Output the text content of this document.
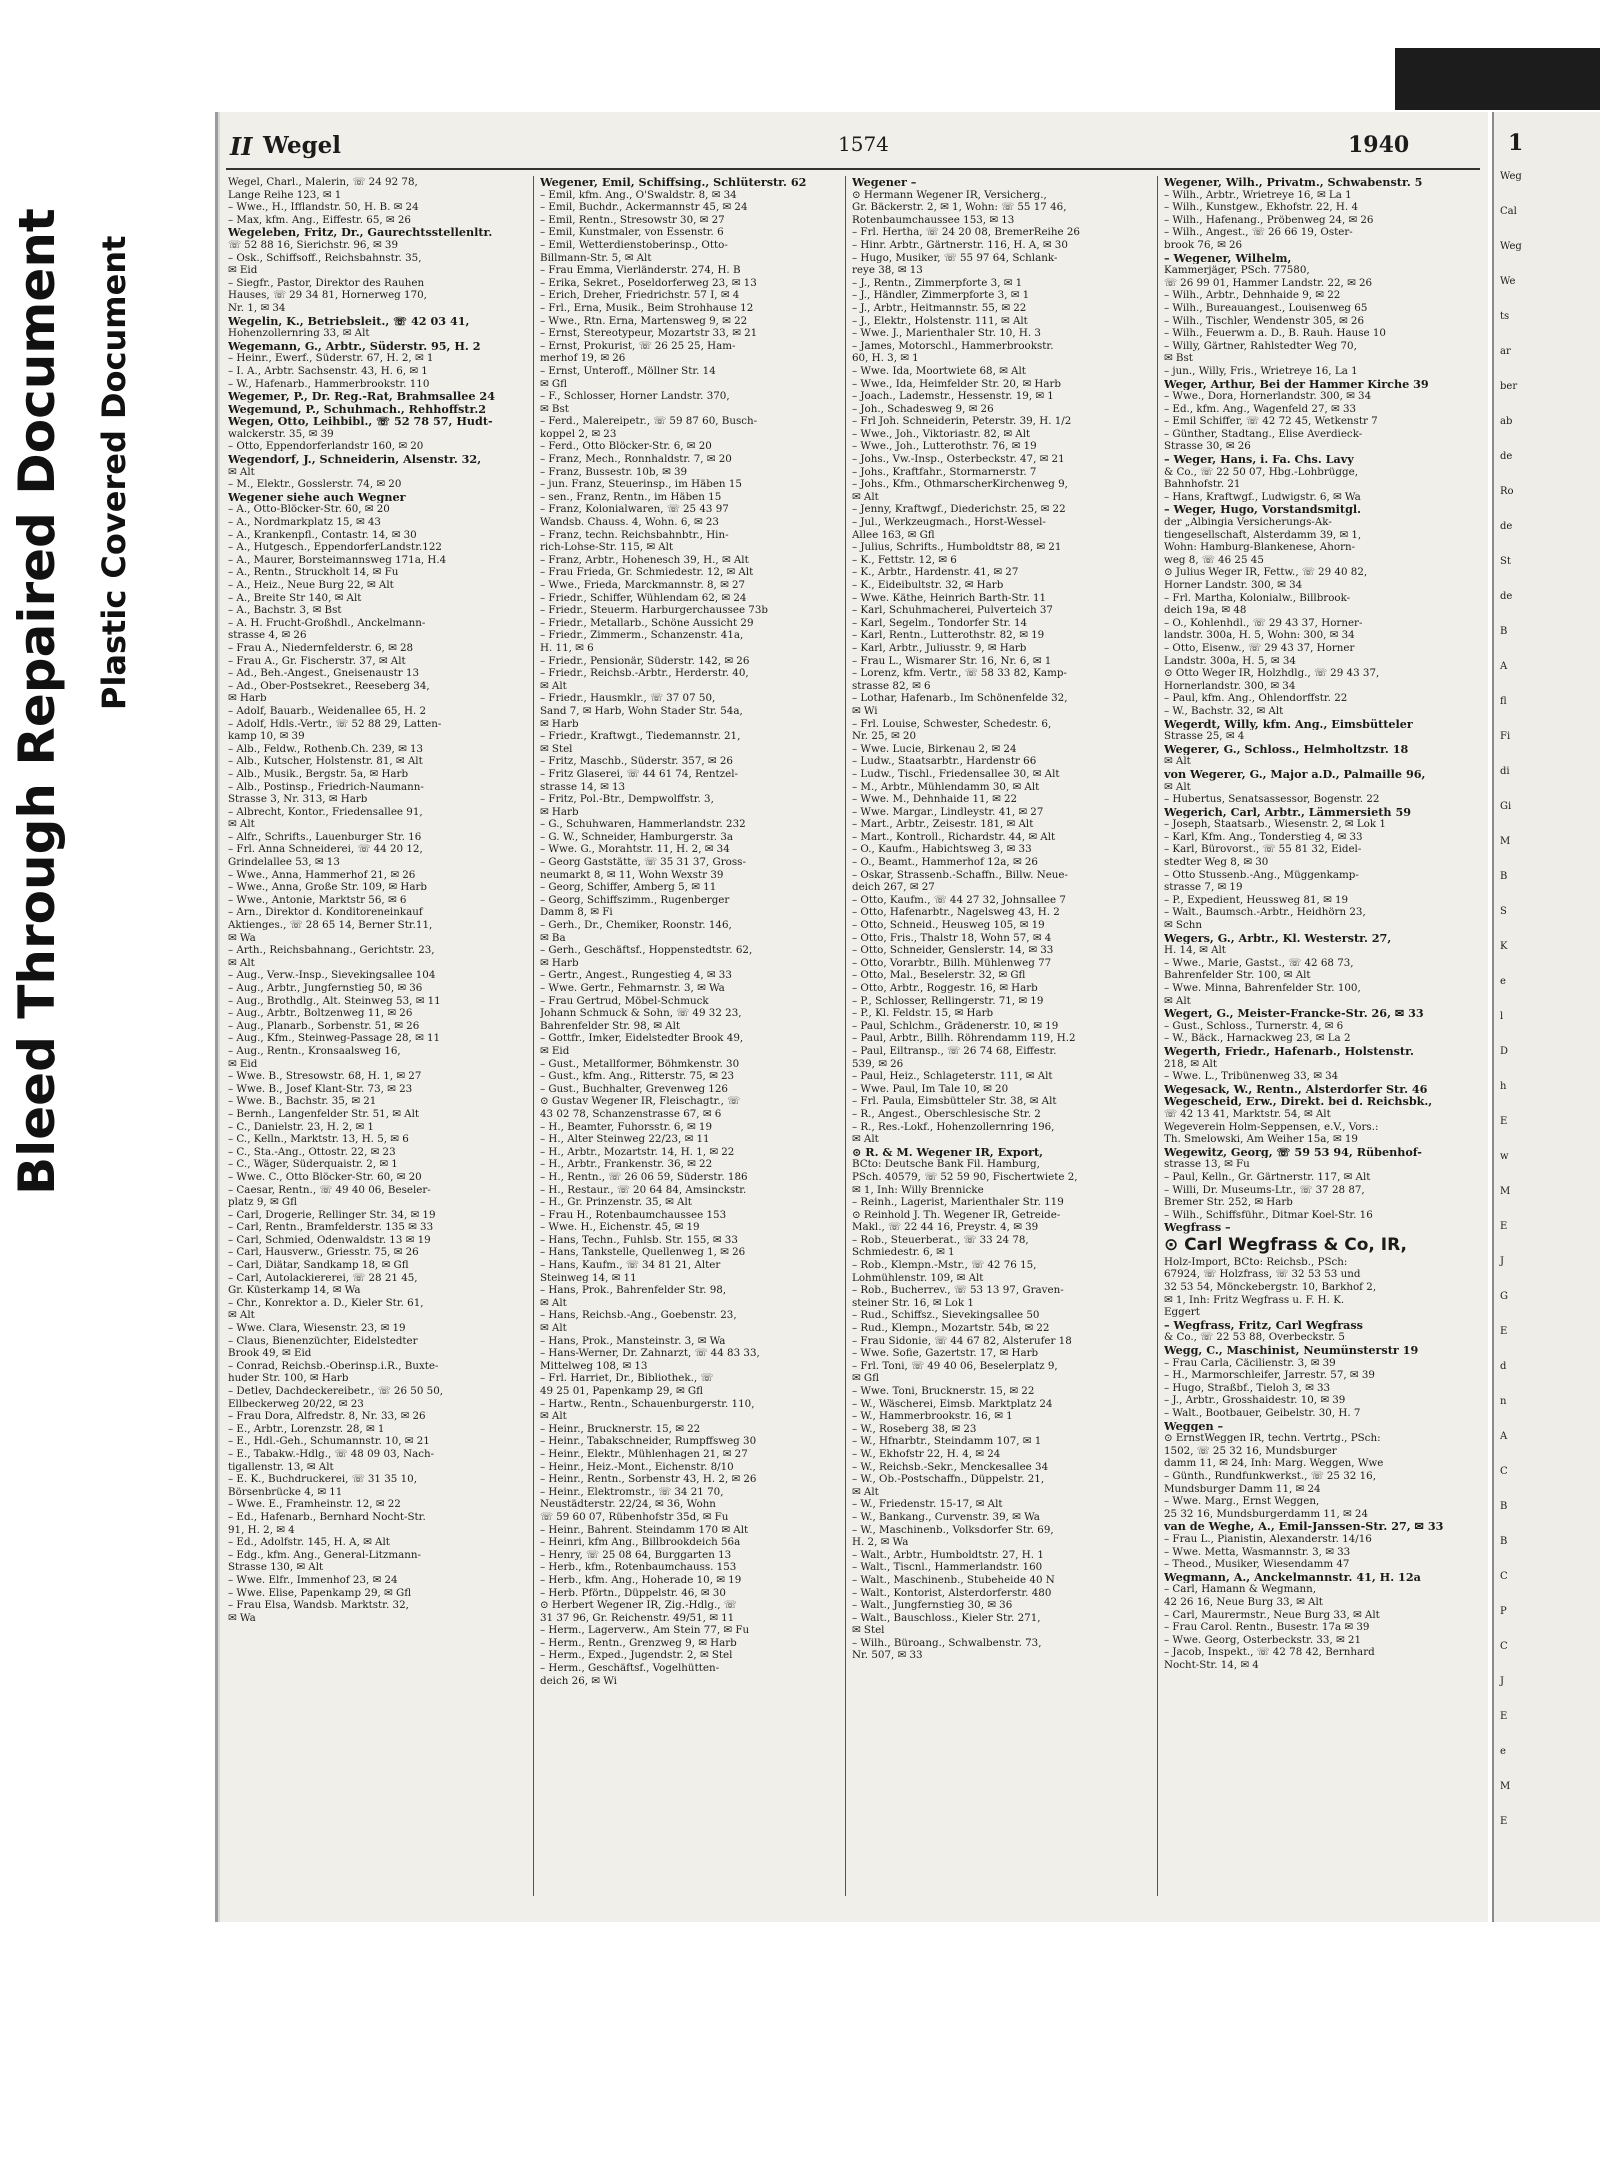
Bleed Through Repaired Document Plastic Covered Document
II Wegel	1574	1940
Wegel, Charl., Malerin, ☏ 24 92 78,
Lange Reihe 123, ✉ 1
– Wwe., H., Ifflandstr. 50, H. B. ✉ 24
– Max, kfm. Ang., Eiffestr. 65, ✉ 26
Wegeleben, Fritz, Dr., Gaurechtsstellenltr.
☏ 52 88 16, Sierichstr. 96, ✉ 39
– Osk., Schiffsoff., Reichsbahnstr. 35,
✉ Eid
– Siegfr., Pastor, Direktor des Rauhen
Hauses, ☏ 29 34 81, Hornerweg 170,
Nr. 1, ✉ 34
Wegelin, K., Betriebsleit., ☏ 42 03 41,
Hohenzollernring 33, ✉ Alt
Wegemann, G., Arbtr., Süderstr. 95, H. 2
– Heinr., Ewerf., Süderstr. 67, H. 2, ✉ 1
– I. A., Arbtr. Sachsenstr. 43, H. 6, ✉ 1
– W., Hafenarb., Hammerbrookstr. 110
Wegemer, P., Dr. Reg.-Rat, Brahmsallee 24
Wegemund, P., Schuhmach., Rehhoffstr.2
Wegen, Otto, Leihbibl., ☏ 52 78 57, Hudt-
walckerstr. 35, ✉ 39
– Otto, Eppendorferlandstr 160, ✉ 20
Wegendorf, J., Schneiderin, Alsenstr. 32,
✉ Alt
– M., Elektr., Gosslerstr. 74, ✉ 20
Wegener siehe auch Wegner
– A., Otto-Blöcker-Str. 60, ✉ 20
– A., Nordmarkplatz 15, ✉ 43
– A., Krankenpfl., Contastr. 14, ✉ 30
– A., Hutgesch., EppendorferLandstr.122
– A., Maurer, Borsteimannsweg 171a, H.4
– A., Rentn., Struckholt 14, ✉ Fu
– A., Heiz., Neue Burg 22, ✉ Alt
– A., Breite Str 140, ✉ Alt
– A., Bachstr. 3, ✉ Bst
– A. H. Frucht-Großhdl., Anckelmann-
strasse 4, ✉ 26
– Frau A., Niedernfelderstr. 6, ✉ 28
– Frau A., Gr. Fischerstr. 37, ✉ Alt
– Ad., Beh.-Angest., Gneisenaustr 13
– Ad., Ober-Postsekret., Reeseberg 34,
✉ Harb
– Adolf, Bauarb., Weidenallee 65, H. 2
– Adolf, Hdls.-Vertr., ☏ 52 88 29, Latten-
kamp 10, ✉ 39
– Alb., Feldw., Rothenb.Ch. 239, ✉ 13
– Alb., Kutscher, Holstenstr. 81, ✉ Alt
– Alb., Musik., Bergstr. 5a, ✉ Harb
– Alb., Postinsp., Friedrich-Naumann-
Strasse 3, Nr. 313, ✉ Harb
– Albrecht, Kontor., Friedensallee 91,
✉ Alt
– Alfr., Schrifts., Lauenburger Str. 16
– Frl. Anna Schneiderei, ☏ 44 20 12,
Grindelallee 53, ✉ 13
– Wwe., Anna, Hammerhof 21, ✉ 26
– Wwe., Anna, Große Str. 109, ✉ Harb
– Wwe., Antonie, Marktstr 56, ✉ 6
– Arn., Direktor d. Konditoreneinkauf
Aktienges., ☏ 28 65 14, Berner Str.11,
✉ Wa
– Arth., Reichsbahnang., Gerichtstr. 23,
✉ Alt
– Aug., Verw.-Insp., Sievekingsallee 104
– Aug., Arbtr., Jungfernstieg 50, ✉ 36
– Aug., Brothdlg., Alt. Steinweg 53, ✉ 11
– Aug., Arbtr., Boltzenweg 11, ✉ 26
– Aug., Planarb., Sorbenstr. 51, ✉ 26
– Aug., Kfm., Steinweg-Passage 28, ✉ 11
– Aug., Rentn., Kronsaalsweg 16,
✉ Eid
– Wwe. B., Stresowstr. 68, H. 1, ✉ 27
– Wwe. B., Josef Klant-Str. 73, ✉ 23
– Wwe. B., Bachstr. 35, ✉ 21
– Bernh., Langenfelder Str. 51, ✉ Alt
– C., Danielstr. 23, H. 2, ✉ 1
– C., Kelln., Marktstr. 13, H. 5, ✉ 6
– C., Sta.-Ang., Ottostr. 22, ✉ 23
– C., Wäger, Süderquaistr. 2, ✉ 1
– Wwe. C., Otto Blöcker-Str. 60, ✉ 20
– Caesar, Rentn., ☏ 49 40 06, Beseler-
platz 9, ✉ Gfl
– Carl, Drogerie, Rellinger Str. 34, ✉ 19
– Carl, Rentn., Bramfelderstr. 135 ✉ 33
– Carl, Schmied, Odenwaldstr. 13 ✉ 19
– Carl, Hausverw., Griesstr. 75, ✉ 26
– Carl, Diätar, Sandkamp 18, ✉ Gfl
– Carl, Autolackiererei, ☏ 28 21 45,
Gr. Küsterkamp 14, ✉ Wa
– Chr., Konrektor a. D., Kieler Str. 61,
✉ Alt
– Wwe. Clara, Wiesenstr. 23, ✉ 19
– Claus, Bienenzüchter, Eidelstedter
Brook 49, ✉ Eid
– Conrad, Reichsb.-Oberinsp.i.R., Buxte-
huder Str. 100, ✉ Harb
– Detlev, Dachdeckereibetr., ☏ 26 50 50,
Ellbeckerweg 20/22, ✉ 23
– Frau Dora, Alfredstr. 8, Nr. 33, ✉ 26
– E., Arbtr., Lorenzstr. 28, ✉ 1
– E., Hdl.-Geh., Schumannstr. 10, ✉ 21
– E., Tabakw.-Hdlg., ☏ 48 09 03, Nach-
tigallenstr. 13, ✉ Alt
– E. K., Buchdruckerei, ☏ 31 35 10,
Börsenbrücke 4, ✉ 11
– Wwe. E., Framheinstr. 12, ✉ 22
– Ed., Hafenarb., Bernhard Nocht-Str.
91, H. 2, ✉ 4
– Ed., Adolfstr. 145, H. A, ✉ Alt
– Edg., kfm. Ang., General-Litzmann-
Strasse 130, ✉ Alt
– Wwe. Elfr., Immenhof 23, ✉ 24
– Wwe. Elise, Papenkamp 29, ✉ Gfl
– Frau Elsa, Wandsb. Marktstr. 32,
✉ Wa
Wegener, Emil, Schiffsing., Schlüterstr. 62
– Emil, kfm. Ang., O'Swaldstr. 8, ✉ 34
– Emil, Buchdr., Ackermannstr 45, ✉ 24
– Emil, Rentn., Stresowstr 30, ✉ 27
– Emil, Kunstmaler, von Essenstr. 6
– Emil, Wetterdienstoberinsp., Otto-
Billmann-Str. 5, ✉ Alt
– Frau Emma, Vierländerstr. 274, H. B
– Erika, Sekret., Poseldorferweg 23, ✉ 13
– Erich, Dreher, Friedrichstr. 57 I, ✉ 4
– Frl., Erna, Musik., Beim Strohhause 12
– Wwe., Rtn. Erna, Martensweg 9, ✉ 22
– Ernst, Stereotypeur, Mozartstr 33, ✉ 21
– Ernst, Prokurist, ☏ 26 25 25, Ham-
merhof 19, ✉ 26
– Ernst, Unteroff., Möllner Str. 14
✉ Gfl
– F., Schlosser, Horner Landstr. 370,
✉ Bst
– Ferd., Malereipetr., ☏ 59 87 60, Busch-
koppel 2, ✉ 23
– Ferd., Otto Blöcker-Str. 6, ✉ 20
– Franz, Mech., Ronnhaldstr. 7, ✉ 20
– Franz, Bussestr. 10b, ✉ 39
– jun. Franz, Steuerinsp., im Häben 15
– sen., Franz, Rentn., im Häben 15
– Franz, Kolonialwaren, ☏ 25 43 97
Wandsb. Chauss. 4, Wohn. 6, ✉ 23
– Franz, techn. Reichsbahnbtr., Hin-
rich-Lohse-Str. 115, ✉ Alt
– Franz, Arbtr., Hohenesch 39, H., ✉ Alt
– Frau Frieda, Gr. Schmiedestr. 12, ✉ Alt
– Wwe., Frieda, Marckmannstr. 8, ✉ 27
– Friedr., Schiffer, Wühlendam 62, ✉ 24
– Friedr., Steuerm. Harburgerchaussee 73b
– Friedr., Metallarb., Schöne Aussicht 29
– Friedr., Zimmerm., Schanzenstr. 41a,
H. 11, ✉ 6
– Friedr., Pensionär, Süderstr. 142, ✉ 26
– Friedr., Reichsb.-Arbtr., Herderstr. 40,
✉ Alt
– Friedr., Hausmklr., ☏ 37 07 50,
Sand 7, ✉ Harb, Wohn Stader Str. 54a,
✉ Harb
– Friedr., Kraftwgt., Tiedemannstr. 21,
✉ Stel
– Fritz, Maschb., Süderstr. 357, ✉ 26
– Fritz Glaserei, ☏ 44 61 74, Rentzel-
strasse 14, ✉ 13
– Fritz, Pol.-Btr., Dempwolffstr. 3,
✉ Harb
– G., Schuhwaren, Hammerlandstr. 232
– G. W., Schneider, Hamburgerstr. 3a
– Wwe. G., Morahtstr. 11, H. 2, ✉ 34
– Georg Gaststätte, ☏ 35 31 37, Gross-
neumarkt 8, ✉ 11, Wohn Wexstr 39
– Georg, Schiffer, Amberg 5, ✉ 11
– Georg, Schiffszimm., Rugenberger
Damm 8, ✉ Fi
– Gerh., Dr., Chemiker, Roonstr. 146,
✉ Ba
– Gerh., Geschäftsf., Hoppenstedtstr. 62,
✉ Harb
– Gertr., Angest., Rungestieg 4, ✉ 33
– Wwe. Gertr., Fehmarnstr. 3, ✉ Wa
– Frau Gertrud, Möbel-Schmuck
Johann Schmuck & Sohn, ☏ 49 32 23,
Bahrenfelder Str. 98, ✉ Alt
– Gottfr., Imker, Eidelstedter Brook 49,
✉ Eid
– Gust., Metallformer, Böhmkenstr. 30
– Gust., kfm. Ang., Ritterstr. 75, ✉ 23
– Gust., Buchhalter, Grevenweg 126
⊙ Gustav Wegener IR, Fleischagtr., ☏
43 02 78, Schanzenstrasse 67, ✉ 6
– H., Beamter, Fuhorsstr. 6, ✉ 19
– H., Alter Steinweg 22/23, ✉ 11
– H., Arbtr., Mozartstr. 14, H. 1, ✉ 22
– H., Arbtr., Frankenstr. 36, ✉ 22
– H., Rentn., ☏ 26 06 59, Süderstr. 186
– H., Restaur., ☏ 20 64 84, Amsinckstr.
– H., Gr. Prinzenstr. 35, ✉ Alt
– Frau H., Rotenbaumchaussee 153
– Wwe. H., Eichenstr. 45, ✉ 19
– Hans, Techn., Fuhlsb. Str. 155, ✉ 33
– Hans, Tankstelle, Quellenweg 1, ✉ 26
– Hans, Kaufm., ☏ 34 81 21, Alter
Steinweg 14, ✉ 11
– Hans, Prok., Bahrenfelder Str. 98,
✉ Alt
– Hans, Reichsb.-Ang., Goebenstr. 23,
✉ Alt
– Hans, Prok., Mansteinstr. 3, ✉ Wa
– Hans-Werner, Dr. Zahnarzt, ☏ 44 83 33,
Mittelweg 108, ✉ 13
– Frl. Harriet, Dr., Bibliothek., ☏
49 25 01, Papenkamp 29, ✉ Gfl
– Hartw., Rentn., Schauenburgerstr. 110,
✉ Alt
– Heinr., Brucknerstr. 15, ✉ 22
– Heinr., Tabakschneider, Rumpffsweg 30
– Heinr., Elektr., Mühlenhagen 21, ✉ 27
– Heinr., Heiz.-Mont., Eichenstr. 8/10
– Heinr., Rentn., Sorbenstr 43, H. 2, ✉ 26
– Heinr., Elektromstr., ☏ 34 21 70,
Neustädterstr. 22/24, ✉ 36, Wohn
☏ 59 60 07, Rübenhofstr 35d, ✉ Fu
– Heinr., Bahrent. Steindamm 170 ✉ Alt
– Heinri, kfm Ang., Billbrookdeich 56a
– Henry, ☏ 25 08 64, Burggarten 13
– Herb., kfm., Rotenbaumchauss. 153
– Herb., kfm. Ang., Hoherade 10, ✉ 19
– Herb. Pförtn., Düppelstr. 46, ✉ 30
⊙ Herbert Wegener IR, Zig.-Hdlg., ☏
31 37 96, Gr. Reichenstr. 49/51, ✉ 11
– Herm., Lagerverw., Am Stein 77, ✉ Fu
– Herm., Rentn., Grenzweg 9, ✉ Harb
– Herm., Exped., Jugendstr. 2, ✉ Stel
– Herm., Geschäftsf., Vogelhütten-
deich 26, ✉ Wi
Wegener –
⊙ Hermann Wegener IR, Versicherg.,
Gr. Bäckerstr. 2, ✉ 1, Wohn: ☏ 55 17 46,
Rotenbaumchaussee 153, ✉ 13
– Frl. Hertha, ☏ 24 20 08, BremerReihe 26
– Hinr. Arbtr., Gärtnerstr. 116, H. A, ✉ 30
– Hugo, Musiker, ☏ 55 97 64, Schlank-
reye 38, ✉ 13
– J., Rentn., Zimmerpforte 3, ✉ 1
– J., Händler, Zimmerpforte 3, ✉ 1
– J., Arbtr., Heitmannstr. 55, ✉ 22
– J., Elektr., Holstenstr. 111, ✉ Alt
– Wwe. J., Marienthaler Str. 10, H. 3
– James, Motorschl., Hammerbrookstr.
60, H. 3, ✉ 1
– Wwe. Ida, Moortwiete 68, ✉ Alt
– Wwe., Ida, Heimfelder Str. 20, ✉ Harb
– Joach., Lademstr., Hessenstr. 19, ✉ 1
– Joh., Schadesweg 9, ✉ 26
– Frl Joh. Schneiderin, Peterstr. 39, H. 1/2
– Wwe., Joh., Viktoriastr. 82, ✉ Alt
– Wwe., Joh., Lutterothstr. 76, ✉ 19
– Johs., Vw.-Insp., Osterbeckstr. 47, ✉ 21
– Johs., Kraftfahr., Stormarnerstr. 7
– Johs., Kfm., OthmarscherKirchenweg 9,
✉ Alt
– Jenny, Kraftwgf., Diederichstr. 25, ✉ 22
– Jul., Werkzeugmach., Horst-Wessel-
Allee 163, ✉ Gfl
– Julius, Schrifts., Humboldtstr 88, ✉ 21
– K., Fettstr. 12, ✉ 6
– K., Arbtr., Hardenstr. 41, ✉ 27
– K., Eideibultstr. 32, ✉ Harb
– Wwe. Käthe, Heinrich Barth-Str. 11
– Karl, Schuhmacherei, Pulverteich 37
– Karl, Segelm., Tondorfer Str. 14
– Karl, Rentn., Lutterothstr. 82, ✉ 19
– Karl, Arbtr., Juliusstr. 9, ✉ Harb
– Frau L., Wismarer Str. 16, Nr. 6, ✉ 1
– Lorenz, kfm. Vertr., ☏ 58 33 82, Kamp-
strasse 82, ✉ 6
– Lothar, Hafenarb., Im Schönenfelde 32,
✉ Wi
– Frl. Louise, Schwester, Schedestr. 6,
Nr. 25, ✉ 20
– Wwe. Lucie, Birkenau 2, ✉ 24
– Ludw., Staatsarbtr., Hardenstr 66
– Ludw., Tischl., Friedensallee 30, ✉ Alt
– M., Arbtr., Mühlendamm 30, ✉ Alt
– Wwe. M., Dehnhaide 11, ✉ 22
– Wwe. Margar., Lindleystr. 41, ✉ 27
– Mart., Arbtr., Zeisestr. 181, ✉ Alt
– Mart., Kontroll., Richardstr. 44, ✉ Alt
– O., Kaufm., Habichtsweg 3, ✉ 33
– O., Beamt., Hammerhof 12a, ✉ 26
– Oskar, Strassenb.-Schaffn., Billw. Neue-
deich 267, ✉ 27
– Otto, Kaufm., ☏ 44 27 32, Johnsallee 7
– Otto, Hafenarbtr., Nagelsweg 43, H. 2
– Otto, Schneid., Heusweg 105, ✉ 19
– Otto, Fris., Thalstr 18, Wohn 57, ✉ 4
– Otto, Schneider, Genslerstr. 14, ✉ 33
– Otto, Vorarbtr., Billh. Mühlenweg 77
– Otto, Mal., Beselerstr. 32, ✉ Gfl
– Otto, Arbtr., Roggestr. 16, ✉ Harb
– P., Schlosser, Rellingerstr. 71, ✉ 19
– P., Kl. Feldstr. 15, ✉ Harb
– Paul, Schlchm., Grädenerstr. 10, ✉ 19
– Paul, Arbtr., Billh. Röhrendamm 119, H.2
– Paul, Eiltransp., ☏ 26 74 68, Eiffestr.
539, ✉ 26
– Paul, Heiz., Schlageterstr. 111, ✉ Alt
– Wwe. Paul, Im Tale 10, ✉ 20
– Frl. Paula, Eimsbütteler Str. 38, ✉ Alt
– R., Angest., Oberschlesische Str. 2
– R., Res.-Lokf., Hohenzollernring 196,
✉ Alt
⊙ R. & M. Wegener IR, Export,
BCto: Deutsche Bank Fil. Hamburg,
PSch. 40579, ☏ 52 59 90, Fischertwiete 2,
✉ 1, Inh: Willy Brennicke
– Reinh., Lagerist, Marienthaler Str. 119
⊙ Reinhold J. Th. Wegener IR, Getreide-
Makl., ☏ 22 44 16, Preystr. 4, ✉ 39
– Rob., Steuerberat., ☏ 33 24 78,
Schmiedestr. 6, ✉ 1
– Rob., Klempn.-Mstr., ☏ 42 76 15,
Lohmühlenstr. 109, ✉ Alt
– Rob., Bucherrev., ☏ 53 13 97, Graven-
steiner Str. 16, ✉ Lok 1
– Rud., Schiffsz., Sievekingsallee 50
– Rud., Klempn., Mozartstr. 54b, ✉ 22
– Frau Sidonie, ☏ 44 67 82, Alsterufer 18
– Wwe. Sofie, Gazertstr. 17, ✉ Harb
– Frl. Toni, ☏ 49 40 06, Beselerplatz 9,
✉ Gfl
– Wwe. Toni, Brucknerstr. 15, ✉ 22
– W., Wäscherei, Eimsb. Marktplatz 24
– W., Hammerbrookstr. 16, ✉ 1
– W., Roseberg 38, ✉ 23
– W., Hfnarbtr., Steindamm 107, ✉ 1
– W., Ekhofstr 22, H. 4, ✉ 24
– W., Reichsb.-Sekr., Menckesallee 34
– W., Ob.-Postschaffn., Düppelstr. 21,
✉ Alt
– W., Friedenstr. 15-17, ✉ Alt
– W., Bankang., Curvenstr. 39, ✉ Wa
– W., Maschinenb., Volksdorfer Str. 69,
H. 2, ✉ Wa
– Walt., Arbtr., Humboldtstr. 27, H. 1
– Walt., Tiscnl., Hammerlandstr. 160
– Walt., Maschinenb., Stubeheide 40 N
– Walt., Kontorist, Alsterdorferstr. 480
– Walt., Jungfernstieg 30, ✉ 36
– Walt., Bauschloss., Kieler Str. 271,
✉ Stel
– Wilh., Büroang., Schwalbenstr. 73,
Nr. 507, ✉ 33
Wegener, Wilh., Privatm., Schwabenstr. 5
– Wilh., Arbtr., Wrietreye 16, ✉ La 1
– Wilh., Kunstgew., Ekhofstr. 22, H. 4
– Wilh., Hafenang., Pröbenweg 24, ✉ 26
– Wilh., Angest., ☏ 26 66 19, Oster-
brook 76, ✉ 26
– Wegener, Wilhelm,
Kammerjäger, PSch. 77580,
☏ 26 99 01, Hammer Landstr. 22, ✉ 26
– Wilh., Arbtr., Dehnhaide 9, ✉ 22
– Wilh., Bureauangest., Louisenweg 65
– Wilh., Tischler, Wendenstr 305, ✉ 26
– Wilh., Feuerwm a. D., B. Rauh. Hause 10
– Willy, Gärtner, Rahlstedter Weg 70,
✉ Bst
– jun., Willy, Fris., Wrietreye 16, La 1
Weger, Arthur, Bei der Hammer Kirche 39
– Wwe., Dora, Hornerlandstr. 300, ✉ 34
– Ed., kfm. Ang., Wagenfeld 27, ✉ 33
– Emil Schiffer, ☏ 42 72 45, Wetkenstr 7
– Günther, Stadtang., Elise Averdieck-
Strasse 30, ✉ 26
– Weger, Hans, i. Fa. Chs. Lavy
& Co., ☏ 22 50 07, Hbg.-Lohbrügge,
Bahnhofstr. 21
– Hans, Kraftwgf., Ludwigstr. 6, ✉ Wa
– Weger, Hugo, Vorstandsmitgl.
der „Albingia Versicherungs-Ak-
tiengesellschaft, Alsterdamm 39, ✉ 1,
Wohn: Hamburg-Blankenese, Ahorn-
weg 8, ☏ 46 25 45
⊙ Julius Weger IR, Fettw., ☏ 29 40 82,
Horner Landstr. 300, ✉ 34
– Frl. Martha, Kolonialw., Billbrook-
deich 19a, ✉ 48
– O., Kohlenhdl., ☏ 29 43 37, Horner-
landstr. 300a, H. 5, Wohn: 300, ✉ 34
– Otto, Eisenw., ☏ 29 43 37, Horner
Landstr. 300a, H. 5, ✉ 34
⊙ Otto Weger IR, Holzhdlg., ☏ 29 43 37,
Hornerlandstr. 300, ✉ 34
– Paul, kfm. Ang., Ohlendorffstr. 22
– W., Bachstr. 32, ✉ Alt
Wegerdt, Willy, kfm. Ang., Eimsbütteler
Strasse 25, ✉ 4
Wegerer, G., Schloss., Helmholtzstr. 18
✉ Alt
von Wegerer, G., Major a.D., Palmaille 96,
✉ Alt
– Hubertus, Senatsassessor, Bogenstr. 22
Wegerich, Carl, Arbtr., Lämmersieth 59
– Joseph, Staatsarb., Wiesenstr. 2, ✉ Lok 1
– Karl, Kfm. Ang., Tonderstieg 4, ✉ 33
– Karl, Bürovorst., ☏ 55 81 32, Eidel-
stedter Weg 8, ✉ 30
– Otto Stussenb.-Ang., Müggenkamp-
strasse 7, ✉ 19
– P., Expedient, Heussweg 81, ✉ 19
– Walt., Baumsch.-Arbtr., Heidhörn 23,
✉ Schn
Wegers, G., Arbtr., Kl. Westerstr. 27,
H. 14, ✉ Alt
– Wwe., Marie, Gastst., ☏ 42 68 73,
Bahrenfelder Str. 100, ✉ Alt
– Wwe. Minna, Bahrenfelder Str. 100,
✉ Alt
Wegert, G., Meister-Francke-Str. 26, ✉ 33
– Gust., Schloss., Turnerstr. 4, ✉ 6
– W., Bäck., Harnackweg 23, ✉ La 2
Wegerth, Friedr., Hafenarb., Holstenstr.
218, ✉ Alt
– Wwe. L., Tribünenweg 33, ✉ 34
Wegesack, W., Rentn., Alsterdorfer Str. 46
Wegescheid, Erw., Direkt. bei d. Reichsbk.,
☏ 42 13 41, Marktstr. 54, ✉ Alt
Wegeverein Holm-Seppensen, e.V., Vors.:
Th. Smelowski, Am Weiher 15a, ✉ 19
Wegewitz, Georg, ☏ 59 53 94, Rübenhof-
strasse 13, ✉ Fu
– Paul, Kelln., Gr. Gärtnerstr. 117, ✉ Alt
– Willi, Dr. Museums-Ltr., ☏ 37 28 87,
Bremer Str. 252, ✉ Harb
– Wilh., Schiffsführ., Ditmar Koel-Str. 16
Wegfrass –
⊙ Carl Wegfrass & Co, IR,
Holz-Import, BCto: Reichsb., PSch:
67924, ☏ Holzfrass, ☏ 32 53 53 und
32 53 54, Mönckebergstr. 10, Barkhof 2,
✉ 1, Inh: Fritz Wegfrass u. F. H. K.
Eggert
– Wegfrass, Fritz, Carl Wegfrass
& Co., ☏ 22 53 88, Overbeckstr. 5
Wegg, C., Maschinist, Neumünsterstr 19
– Frau Carla, Cäcilienstr. 3, ✉ 39
– H., Marmorschleifer, Jarrestr. 57, ✉ 39
– Hugo, Straßbf., Tieloh 3, ✉ 33
– J., Arbtr., Grosshaidestr. 10, ✉ 39
– Walt., Bootbauer, Geibelstr. 30, H. 7
Weggen –
⊙ ErnstWeggen IR, techn. Vertrtg., PSch:
1502, ☏ 25 32 16, Mundsburger
damm 11, ✉ 24, Inh: Marg. Weggen, Wwe
– Günth., Rundfunkwerkst., ☏ 25 32 16,
Mundsburger Damm 11, ✉ 24
– Wwe. Marg., Ernst Weggen,
25 32 16, Mundsburgerdamm 11, ✉ 24
van de Weghe, A., Emil-Janssen-Str. 27, ✉ 33
– Frau L., Pianistin, Alexanderstr. 14/16
– Wwe. Metta, Wasmannstr. 3, ✉ 33
– Theod., Musiker, Wiesendamm 47
Wegmann, A., Anckelmannstr. 41, H. 12a
– Carl, Hamann & Wegmann,
42 26 16, Neue Burg 33, ✉ Alt
– Carl, Maurermstr., Neue Burg 33, ✉ Alt
– Frau Carol. Rentn., Busestr. 17a ✉ 39
– Wwe. Georg, Osterbeckstr. 33, ✉ 21
– Jacob, Inspekt., ☏ 42 78 42, Bernhard
Nocht-Str. 14, ✉ 4
1
Weg
Cal
Weg
We
ts
ar
ber
ab
de
Ro
de
St
de
B
A
fl
Fi
di
Gi
M
B
S
K
e
l
D
h
E
w
M
E
J
G
E
d
n
A
C
B
B
C
P
C
J
E
e
M
E
